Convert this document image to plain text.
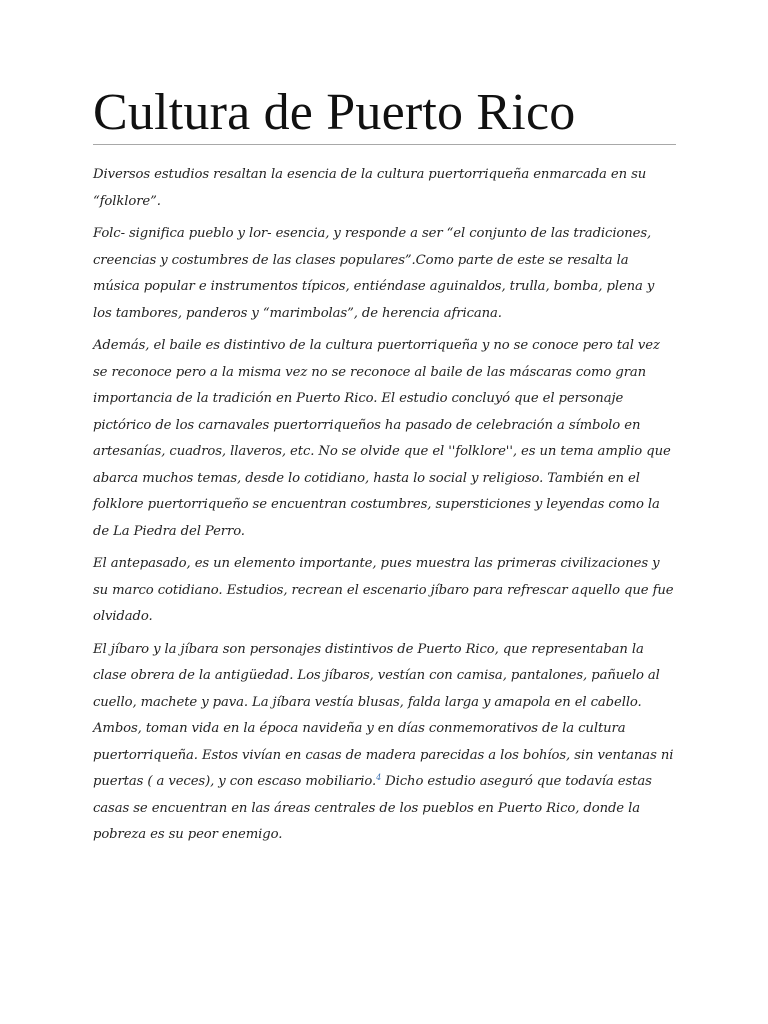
Cultura de Puerto Rico

Diversos estudios resaltan la esencia de la cultura puertorriqueña enmarcada en su “folklore”.

Folc- significa pueblo y lor- esencia, y responde a ser “el conjunto de las tradiciones, creencias y costumbres de las clases populares”.Como parte de este se resalta la música popular e instrumentos típicos, entiéndase aguinaldos, trulla, bomba, plena y los tambores, panderos y “marimbolas”, de herencia africana.

Además, el baile es distintivo de la cultura puertorriqueña y no se conoce pero tal vez se reconoce pero a la misma vez no se reconoce al baile de las máscaras como gran importancia de la tradición en Puerto Rico. El estudio concluyó que el personaje pictórico de los carnavales puertorriqueños ha pasado de celebración a símbolo en artesanías, cuadros, llaveros, etc. No se olvide que el ''folklore'', es un tema amplio que abarca muchos temas, desde lo cotidiano, hasta lo social y religioso. También en el folklore puertorriqueño se encuentran costumbres, supersticiones y leyendas como la de La Piedra del Perro.

El antepasado, es un elemento importante, pues muestra las primeras civilizaciones y su marco cotidiano. Estudios, recrean el escenario jíbaro para refrescar aquello que fue olvidado.

El jíbaro y la jíbara son personajes distintivos de Puerto Rico, que representaban la clase obrera de la antigüedad. Los jíbaros, vestían con camisa, pantalones, pañuelo al cuello, machete y pava. La jíbara vestía blusas, falda larga y amapola en el cabello. Ambos, toman vida en la época navideña y en días conmemorativos de la cultura puertorriqueña. Estos vivían en casas de madera parecidas a los bohíos, sin ventanas ni puertas ( a veces), y con escaso mobiliario.$^4$ Dicho estudio aseguró que todavía estas casas se encuentran en las áreas centrales de los pueblos en Puerto Rico, donde la pobreza es su peor enemigo.
